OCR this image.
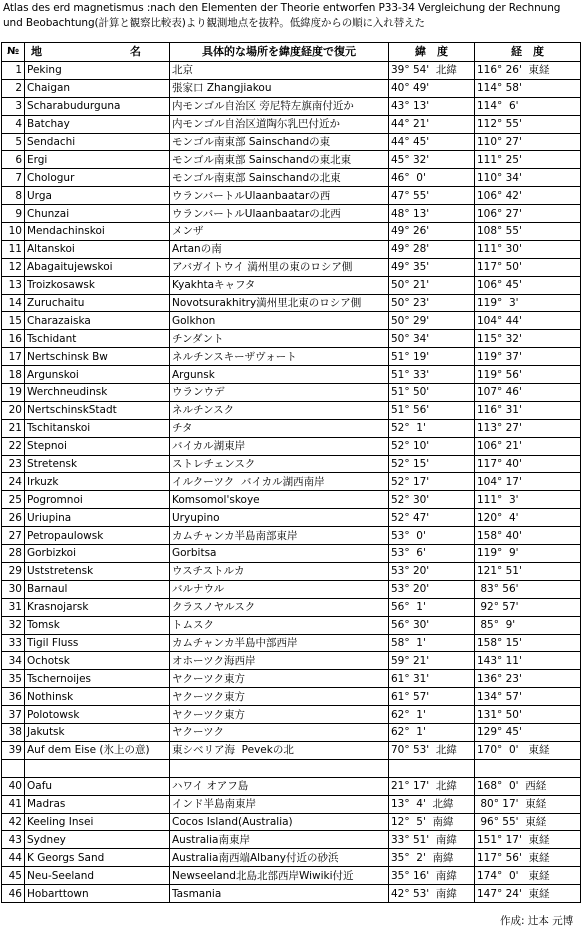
Atlas des erd magnetismus :nach den Elementen der Theorie entworfen P33-34 Vergleichung der Rechnung
und Beobachtung(計算と観察比較表)より観測地点を抜粋。低緯度からの順に入れ替えた
№	地　　名	具体的な場所を緯度経度で復元	緯　度	経　度
1	Peking	北京	39° 54'  北緯	116° 26'  東経
2	Chaigan	張家口 Zhangjiakou	40° 49'	114° 58'
3	Scharabudurguna	内モンゴル自治区 旁尼特左旗南付近か	43° 13'	114°  6'
4	Batchay	内モンゴル自治区道陶尓乳巴付近か	44° 21'	112° 55'
5	Sendachi	モンゴル南東部 Sainschandの東	44° 45'	110° 27'
6	Ergi	モンゴル南東部 Sainschandの東北東	45° 32'	111° 25'
7	Chologur	モンゴル南東部 Sainschandの北東	46°  0'	110° 34'
8	Urga	ウランバートルUlaanbaatarの西	47° 55'	106° 42'
9	Chunzai	ウランバートルUlaanbaatarの北西	48° 13'	106° 27'
10	Mendachinskoi	メンザ	49° 26'	108° 55'
11	Altanskoi	Artanの南	49° 28'	111° 30'
12	Abagaitujewskoi	アバガイトウイ 満州里の東のロシア側	49° 35'	117° 50'
13	Troizkosawsk	Kyakhtaキャフタ	50° 21'	106° 45'
14	Zuruchaitu	Novotsurakhitry満州里北東のロシア側	50° 23'	119°  3'
15	Charazaiska	Golkhon	50° 29'	104° 44'
16	Tschidant	チンダント	50° 34'	115° 32'
17	Nertschinsk Bw	ネルチンスキーザヴォート	51° 19'	119° 37'
18	Argunskoi	Argunsk	51° 33'	119° 56'
19	Werchneudinsk	ウランウデ	51° 50'	107° 46'
20	NertschinskStadt	ネルチンスク	51° 56'	116° 31'
21	Tschitanskoi	チタ	52°  1'	113° 27'
22	Stepnoi	バイカル湖東岸	52° 10'	106° 21'
23	Stretensk	ストレチェンスク	52° 15'	117° 40'
24	Irkuzk	イルクーツク  バイカル湖西南岸	52° 17'	104° 17'
25	Pogromnoi	Komsomol'skoye	52° 30'	111°  3'
26	Uriupina	Uryupino	52° 47'	120°  4'
27	Petropaulowsk	カムチャンカ半島南部東岸	53°  0'	158° 40'
28	Gorbizkoi	Gorbitsa	53°  6'	119°  9'
29	Uststretensk	ウスチストルカ	53° 20'	121° 51'
30	Barnaul	バルナウル	53° 20'	83° 56'
31	Krasnojarsk	クラスノヤルスク	56°  1'	92° 57'
32	Tomsk	トムスク	56° 30'	85°  9'
33	Tigil Fluss	カムチャンカ半島中部西岸	58°  1'	158° 15'
34	Ochotsk	オホーツク海西岸	59° 21'	143° 11'
35	Tschernoijes	ヤクーツク東方	61° 31'	136° 23'
36	Nothinsk	ヤクーツク東方	61° 57'	134° 57'
37	Polotowsk	ヤクーツク東方	62°  1'	131° 50'
38	Jakutsk	ヤクーツク	62°  1'	129° 45'
39	Auf dem Eise (氷上の意)	東シベリア海  Pevekの北	70° 53'  北緯	170°  0'   東経

40	Oafu	ハワイ オアフ島	21° 17'  北緯	168°  0'  西経
41	Madras	インド半島南東岸	13°  4'  北緯	80° 17'  東経
42	Keeling Insei	Cocos Island(Australia)	12°  5'  南緯	96° 55'  東経
43	Sydney	Australia南東岸	33° 51'  南緯	151° 17'  東経
44	K Georgs Sand	Australia南西端Albany付近の砂浜	35°  2'  南緯	117° 56'  東経
45	Neu-Seeland	Newseeland北島北部西岸Wiwiki付近	35° 16'  南緯	174°  0'   東経
46	Hobarttown	Tasmania	42° 53'  南緯	147° 24'  東経
作成: 辻本 元博
